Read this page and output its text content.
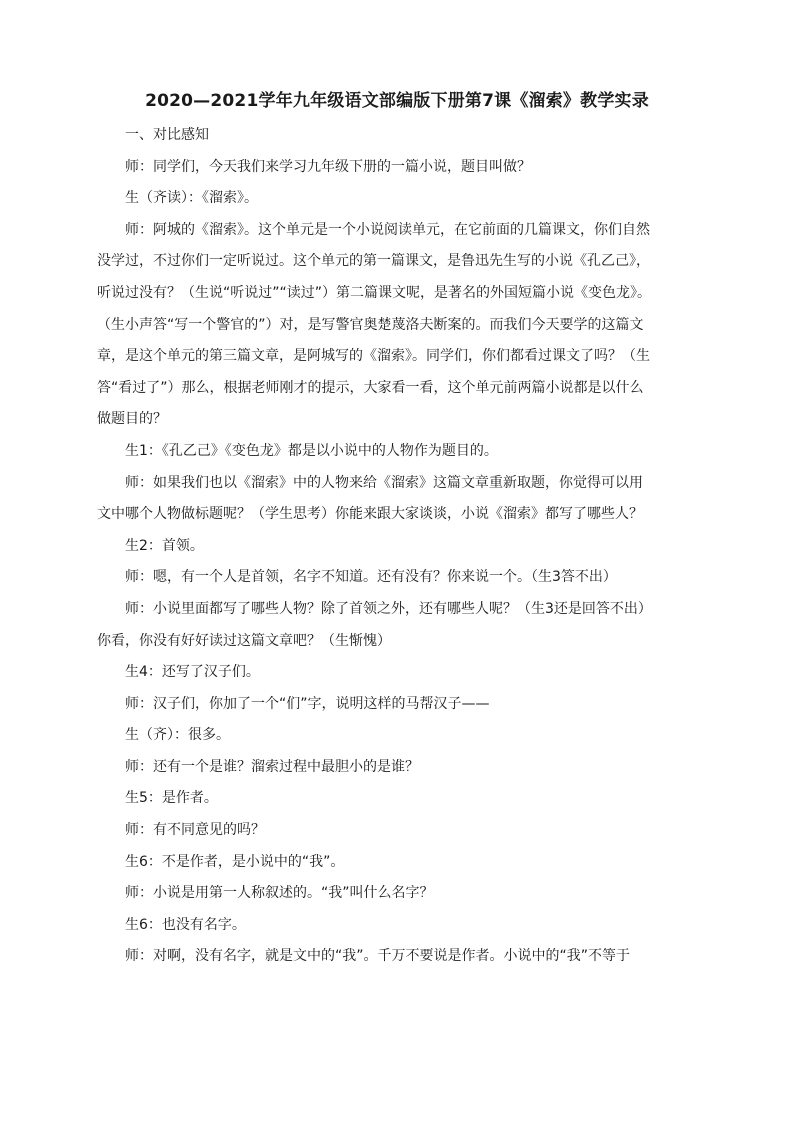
2020—2021学年九年级语文部编版下册第7课《溜索》教学实录

一、对比感知

师：同学们，今天我们来学习九年级下册的一篇小说，题目叫做？

生（齐读）：《溜索》。

师：阿城的《溜索》。这个单元是一个小说阅读单元，在它前面的几篇课文，你们自然

没学过，不过你们一定听说过。这个单元的第一篇课文，是鲁迅先生写的小说《孔乙己》，

听说过没有？（生说“听说过”“读过”）第二篇课文呢，是著名的外国短篇小说《变色龙》。

（生小声答“写一个警官的”）对，是写警官奥楚蔑洛夫断案的。而我们今天要学的这篇文

章，是这个单元的第三篇文章，是阿城写的《溜索》。同学们，你们都看过课文了吗？（生

答“看过了”）那么，根据老师刚才的提示，大家看一看，这个单元前两篇小说都是以什么

做题目的？

生1：《孔乙己》《变色龙》都是以小说中的人物作为题目的。

师：如果我们也以《溜索》中的人物来给《溜索》这篇文章重新取题，你觉得可以用

文中哪个人物做标题呢？（学生思考）你能来跟大家谈谈，小说《溜索》都写了哪些人？

生2：首领。

师：嗯，有一个人是首领，名字不知道。还有没有？你来说一个。（生3答不出）

师：小说里面都写了哪些人物？除了首领之外，还有哪些人呢？（生3还是回答不出）

你看，你没有好好读过这篇文章吧？（生惭愧）

生4：还写了汉子们。

师：汉子们，你加了一个“们”字，说明这样的马帮汉子——

生（齐）：很多。

师：还有一个是谁？溜索过程中最胆小的是谁？

生5：是作者。

师：有不同意见的吗？

生6：不是作者，是小说中的“我”。

师：小说是用第一人称叙述的。“我”叫什么名字？

生6：也没有名字。

师：对啊，没有名字，就是文中的“我”。千万不要说是作者。小说中的“我”不等于
